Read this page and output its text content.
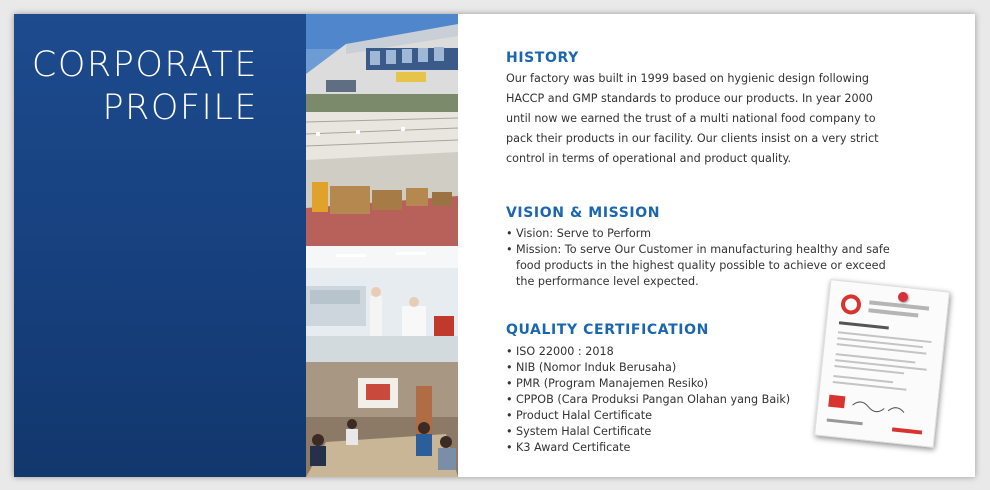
CORPORATE
PROFILE
HISTORY
Our factory was built in 1999 based on hygienic design following
HACCP and GMP standards to produce our products. In year 2000
until now we earned the trust of a multi national food company to
pack their products in our facility. Our clients insist on a very strict
control in terms of operational and product quality.
VISION & MISSION
• Vision: Serve to Perform
• Mission: To serve Our Customer in manufacturing healthy and safe food products in the highest quality possible to achieve or exceed the performance level expected.
QUALITY CERTIFICATION
• ISO 22000 : 2018
• NIB (Nomor Induk Berusaha)
• PMR (Program Manajemen Resiko)
• CPPOB (Cara Produksi Pangan Olahan yang Baik)
• Product Halal Certificate
• System Halal Certificate
• K3 Award Certificate
